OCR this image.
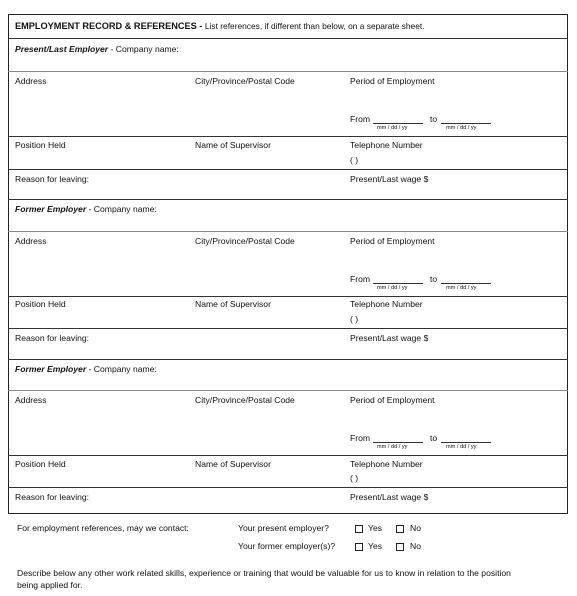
EMPLOYMENT RECORD & REFERENCES - List references, if different than below, on a separate sheet.
Present/Last Employer - Company name:
Address	City/Province/Postal Code	Period of Employment
From
mm / dd / yy
to
mm / dd / yy
Position Held	Name of Supervisor	Telephone Number
( )
Reason for leaving:	Present/Last wage $
Former Employer - Company name:
Address	City/Province/Postal Code	Period of Employment
From
mm / dd / yy
to
mm / dd / yy
Position Held	Name of Supervisor	Telephone Number
( )
Reason for leaving:	Present/Last wage $
Former Employer - Company name:
Address	City/Province/Postal Code	Period of Employment
From
mm / dd / yy
to
mm / dd / yy
Position Held	Name of Supervisor	Telephone Number
( )
Reason for leaving:	Present/Last wage $
For employment references, may we contact:	Your present employer?	Yes	No
Your former employer(s)?	Yes	No
Describe below any other work related skills, experience or training that would be valuable for us to know in relation to the position
being applied for.
